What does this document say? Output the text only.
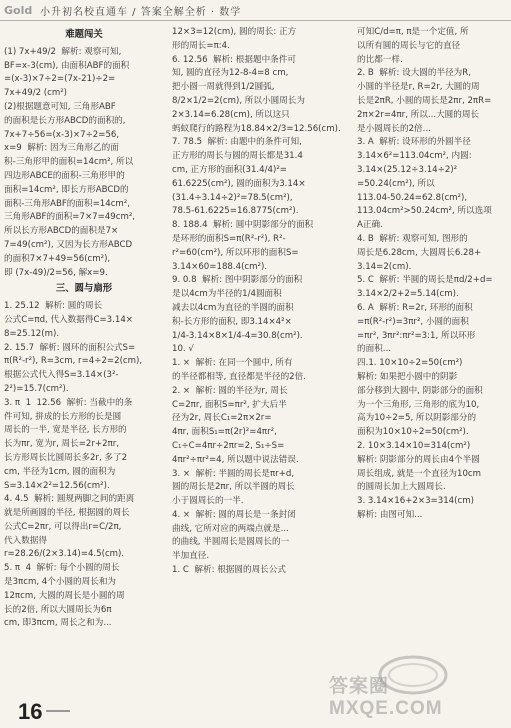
Gold 小升初名校直通车 / 答案全解全析 · 数学
难题闯关

(1) 7x+49/2  解析: 观察可知,

BF=x-3(cm), 由面积ABF的面积

=(x-3)×7÷2=(7x-21)÷2=

7x+49/2 (cm²)

(2)根据题意可知, 三角形ABF

的面积是长方形ABCD的面积的,

7x+7÷56=(x-3)×7÷2=56,

x=9  解析: 因为三角形乙的面

积-三角形甲的面积=14cm², 所以

四边形ABCE的面积-三角形甲的

面积=14cm², 即长方形ABCD的

面积-三角形ABF的面积=14cm²,

三角形ABF的面积=7×7=49cm²,

所以长方形ABCD的面积是7×

7=49(cm²), 又因为长方形ABCD

的面积7×7+49=56(cm²),

即 (7x-49)/2=56, 解x=9.

三、圆与扇形

1. 25.12  解析: 圆的周长

公式C=πd, 代入数据得C=3.14×

8=25.12(m).

2. 15.7  解析: 圆环的面积公式S=

π(R²-r²), R=3cm, r=4÷2=2(cm),

根据公式代入得S=3.14×(3²-

2²)=15.7(cm²).

3. π  1  12.56  解析: 当截中的条

件可知, 拼成的长方形的长是圆

周长的一半, 宽是半径, 长方形的

长为πr, 宽为r, 周长=2r+2πr,

长方形周长比圆周长多2r, 多了2

cm, 半径为1cm, 圆的面积为

S=3.14×2²=12.56(cm²).

4. 4.5  解析: 圆规两脚之间的距离

就是所画圆的半径, 根据圆的周长

公式C=2πr, 可以得出r=C/2π,

代入数据得r=28.26/(2×3.14)=4.5(cm).

5. π  4  解析: 每个小圆的周长

是3πcm, 4个小圆的周长和为

12πcm, 大圆的周长是小圆的周

长的2倍, 所以大圆周长为6π

cm, 即3πcm, 周长之和为...

12×3=12(cm), 圆的周长: 正方

形的周长=π:4.

6. 12.56  解析: 根据题中条件可

知, 圆的直径为12-8-4=8 cm,

把小圆一周就得到1/2圆弧,

8/2×1/2=2(cm), 所以小圆周长为

2×3.14=6.28(cm), 所以这只

蚂蚁爬行的路程为18.84×2/3=12.56(cm).

7. 78.5  解析: 由题中的条件可知,

正方形的周长与圆的周长都是31.4

cm, 正方形的面积(31.4/4)²=

61.6225(cm²), 圆的面积为3.14×

(31.4÷3.14÷2)²=78.5(cm²),

78.5-61.6225=16.8775(cm²).

8. 188.4  解析: 圆中阴影部分的面积

是环形的面积S=π(R²-r²), R²-

r²=60(cm²), 所以环形的面积S=

3.14×60=188.4(cm²).

9. 0.8  解析: 图中阴影部分的面积

是以4cm为半径的1/4圆面积

减去以4cm为直径的半圆的面积

积-长方形的面积, 即3.14×4²×

1/4-3.14×8×1/4-4=30.8(cm²).

10. √

1. ×  解析: 在同一个圆中, 所有

的半径都相等, 直径都是半径的2倍.

2. ×  解析: 圆的半径为r, 周长

C=2πr, 面积S=πr², 扩大后半

径为2r, 周长C₁=2π×2r=

4πr, 面积S₁=π(2r)²=4πr²,

C₁÷C=4πr÷2πr=2, S₁÷S=

4πr²÷πr²=4, 所以题中说法错误.

3. ×  解析: 半圆的周长是πr+d,

圆的周长是2πr, 所以半圆的周长

小于圆周长的一半.

4. ×  解析: 圆的周长是一条封闭

曲线, 它所对应的两端点就是...

的曲线, 半圆周长是圆周长的一

半加直径.

1. C  解析: 根据圆的周长公式

可知C/d=π, π是一个定值, 所

以所有圆的周长与它的直径

的比都一样.

2. B  解析: 设大圆的半径为R,

小圆的半径是r, R=2r, 大圆的周

长是2πR, 小圆的周长是2πr, 2πR=

2π×2r=4πr, 所以...大圆的周长

是小圆周长的2倍...

3. A  解析: 设环形的外圆半径

3.14×6²=113.04cm², 内圆:

3.14×(25.12÷3.14÷2)²

=50.24(cm²), 所以

113.04-50.24=62.8(cm²),

113.04cm²>50.24cm², 所以选项

A正确.

4. B  解析: 观察可知, 图形的

周长是6.28cm, 大圆周长6.28+

3.14=2(cm).

5. C  解析: 半圆的周长是πd/2+d=

3.14×2/2+2=5.14(cm).

6. A  解析: R=2r, 环形的面积

=π(R²-r²)=3πr², 小圆的面积

=πr², 3πr²:πr²=3:1, 所以环形

的面积...

四.1. 10×10÷2=50(cm²)

解析: 如果把小圆中的阴影

部分移到大圆中, 阴影部分的面积

为一个三角形, 三角形的底为10,

高为10÷2=5, 所以阴影部分的

面积为10×10÷2=50(cm²).

2. 10×3.14×10=314(cm²)

解析: 阴影部分的周长由4个半圆

周长组成, 就是一个直径为10cm

的圆周长加上大圆周长.

3. 3.14×16+2×3=314(cm)

解析: 由图可知...

16
答案圈 MXQE.COM
